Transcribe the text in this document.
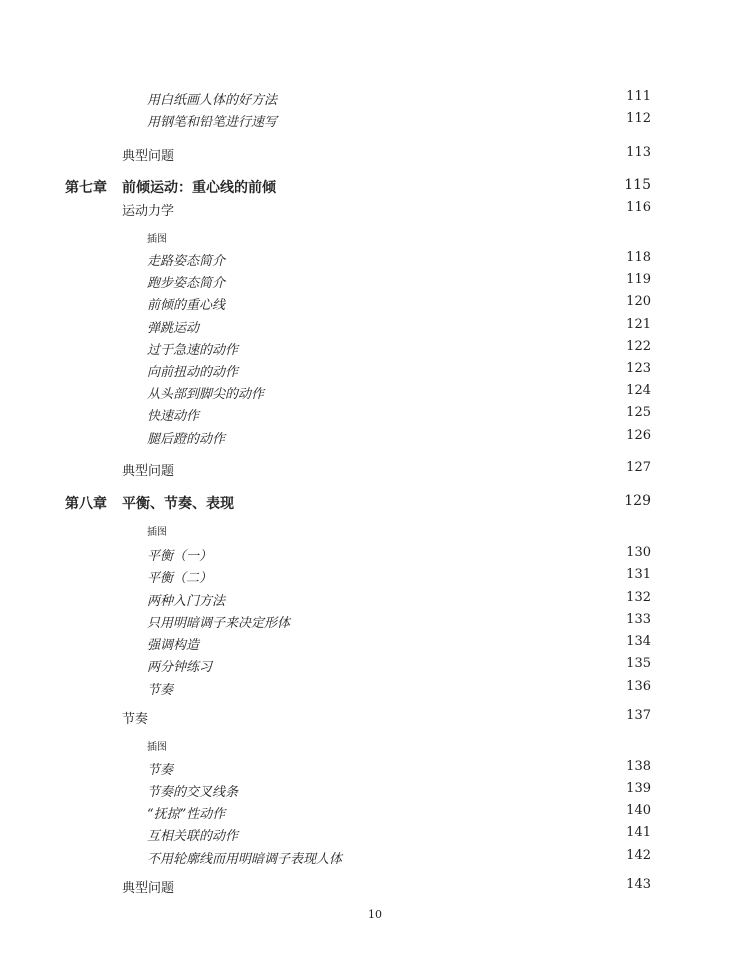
用白纸画人体的好方法	111
用钢笔和铅笔进行速写	112
典型问题	113
第七章 前倾运动：重心线的前倾	115
运动力学	116
插图
走路姿态简介	118
跑步姿态简介	119
前倾的重心线	120
弹跳运动	121
过于急速的动作	122
向前扭动的动作	123
从头部到脚尖的动作	124
快速动作	125
腿后蹬的动作	126
典型问题	127
第八章 平衡、节奏、表现	129
插图
平衡（一）	130
平衡（二）	131
两种入门方法	132
只用明暗调子来决定形体	133
强调构造	134
两分钟练习	135
节奏	136
节奏	137
插图
节奏	138
节奏的交叉线条	139
“抚掠”性动作	140
互相关联的动作	141
不用轮廓线而用明暗调子表现人体	142
典型问题	143
10
